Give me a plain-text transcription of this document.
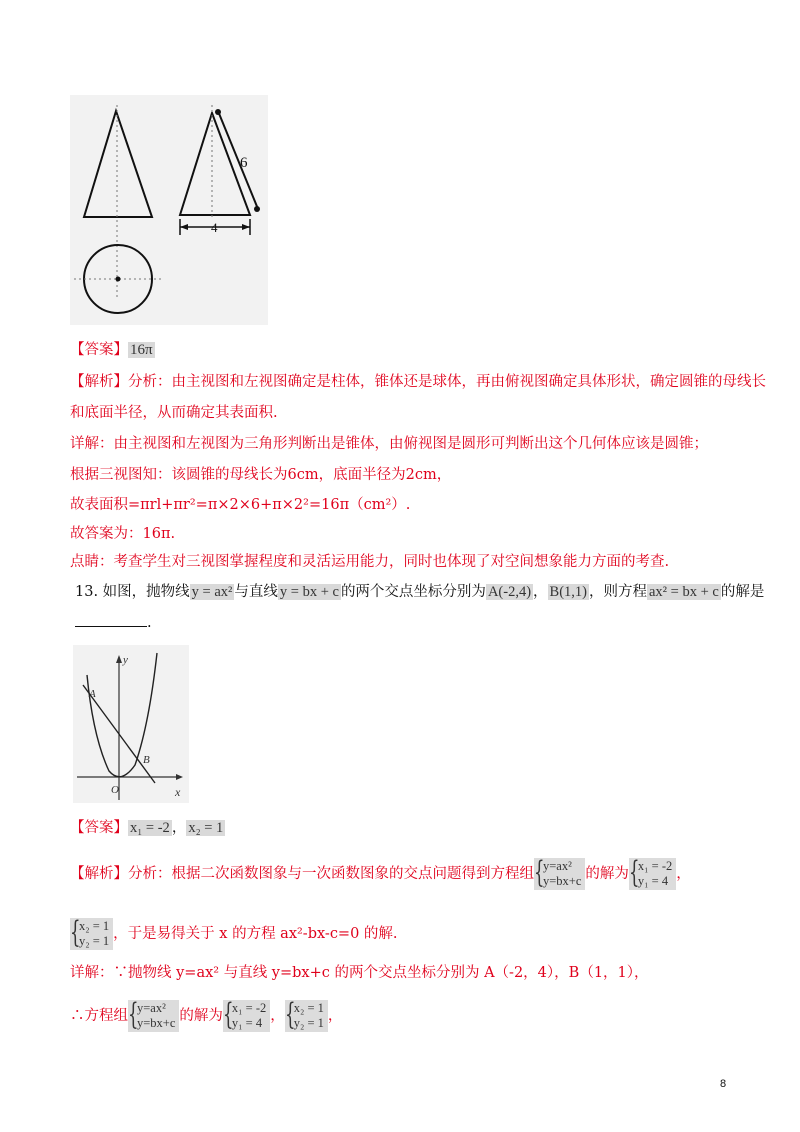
6
4
【答案】 16π
【解析】分析：由主视图和左视图确定是柱体，锥体还是球体，再由俯视图确定具体形状，确定圆锥的母线长
和底面半径，从而确定其表面积.
详解：由主视图和左视图为三角形判断出是锥体，由俯视图是圆形可判断出这个几何体应该是圆锥；
根据三视图知：该圆锥的母线长为6cm，底面半径为2cm，
故表面积=πrl+πr²=π×2×6+π×2²=16π（cm²）.
故答案为：16π.
点睛：考查学生对三视图掌握程度和灵活运用能力，同时也体现了对空间想象能力方面的考查.
13. 如图，抛物线 y = ax² 与直线 y = bx + c 的两个交点坐标分别为 A(-2,4) ， B(1,1) ，则方程 ax² = bx + c 的解是
.
y
x
O
A
B
【答案】 x₁ = -2 ， x₂ = 1
【解析】分析：根据二次函数图象与一次函数图象的交点问题得到方程组 { y=ax²
y=bx+c 的解为 { x₁ = -2
y₁ = 4 ，
{ x₂ = 1
y₂ = 1 ，于是易得关于 x 的方程 ax²-bx-c=0 的解.
详解：∵抛物线 y=ax² 与直线 y=bx+c 的两个交点坐标分别为 A（-2，4），B（1，1），
∴方程组 { y=ax²
y=bx+c 的解为 { x₁ = -2
y₁ = 4 ， { x₂ = 1
y₂ = 1 ，
8
